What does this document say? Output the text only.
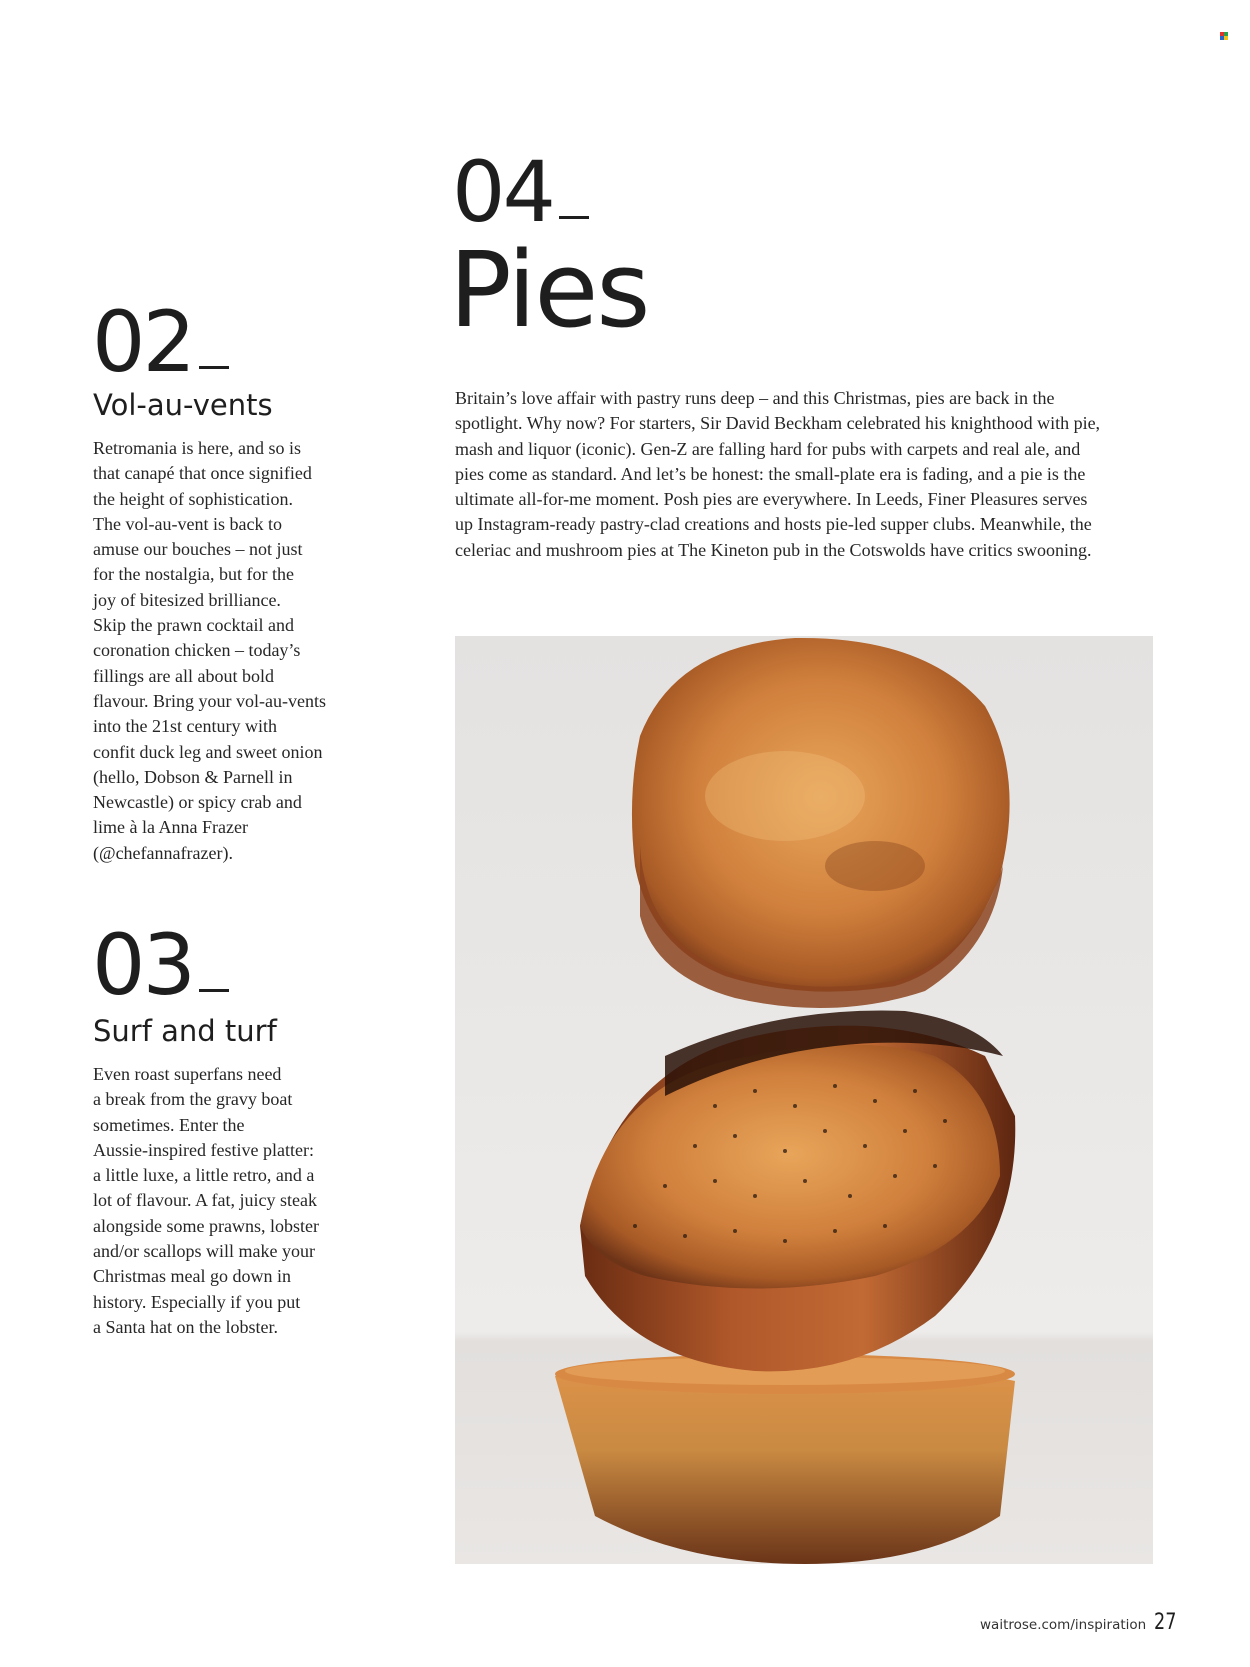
02
Vol-au-vents
Retromania is here, and so is
that canapé that once signified
the height of sophistication.
The vol-au-vent is back to
amuse our bouches – not just
for the nostalgia, but for the
joy of bitesized brilliance.
Skip the prawn cocktail and
coronation chicken – today’s
fillings are all about bold
flavour. Bring your vol-au-vents
into the 21st century with
confit duck leg and sweet onion
(hello, Dobson & Parnell in
Newcastle) or spicy crab and
lime à la Anna Frazer
(@chefannafrazer).
03
Surf and turf
Even roast superfans need
a break from the gravy boat
sometimes. Enter the
Aussie-inspired festive platter:
a little luxe, a little retro, and a
lot of flavour. A fat, juicy steak
alongside some prawns, lobster
and/or scallops will make your
Christmas meal go down in
history. Especially if you put
a Santa hat on the lobster.
04
Pies
Britain’s love affair with pastry runs deep – and this Christmas, pies are back in the
spotlight. Why now? For starters, Sir David Beckham celebrated his knighthood with pie,
mash and liquor (iconic). Gen-Z are falling hard for pubs with carpets and real ale, and
pies come as standard. And let’s be honest: the small-plate era is fading, and a pie is the
ultimate all-for-me moment. Posh pies are everywhere. In Leeds, Finer Pleasures serves
up Instagram-ready pastry-clad creations and hosts pie-led supper clubs. Meanwhile, the
celeriac and mushroom pies at The Kineton pub in the Cotswolds have critics swooning.
waitrose.com/inspiration 27
